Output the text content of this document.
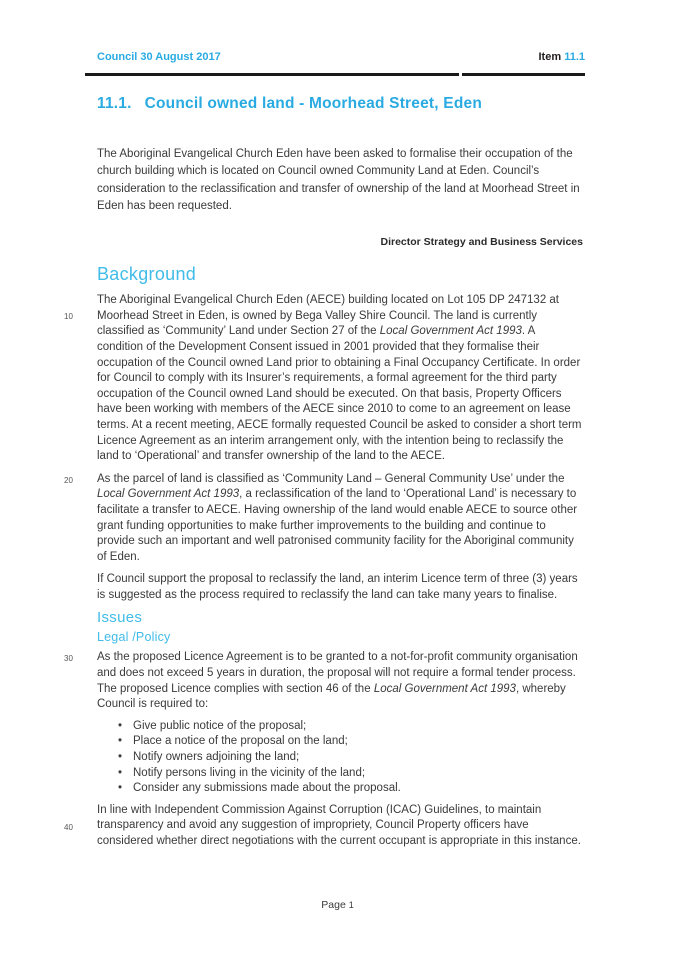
Council 30 August 2017	Item 11.1
11.1. Council owned land - Moorhead Street, Eden

The Aboriginal Evangelical Church Eden have been asked to formalise their occupation of the church building which is located on Council owned Community Land at Eden. Council’s consideration to the reclassification and transfer of ownership of the land at Moorhead Street in Eden has been requested.

Director Strategy and Business Services

Background

10
The Aboriginal Evangelical Church Eden (AECE) building located on Lot 105 DP 247132 at Moorhead Street in Eden, is owned by Bega Valley Shire Council. The land is currently classified as ‘Community’ Land under Section 27 of the Local Government Act 1993. A condition of the Development Consent issued in 2001 provided that they formalise their occupation of the Council owned Land prior to obtaining a Final Occupancy Certificate. In order for Council to comply with its Insurer’s requirements, a formal agreement for the third party occupation of the Council owned Land should be executed. On that basis, Property Officers have been working with members of the AECE since 2010 to come to an agreement on lease terms. At a recent meeting, AECE formally requested Council be asked to consider a short term Licence Agreement as an interim arrangement only, with the intention being to reclassify the land to ‘Operational’ and transfer ownership of the land to the AECE.

20 As the parcel of land is classified as ‘Community Land – General Community Use’ under the Local Government Act 1993, a reclassification of the land to ‘Operational Land’ is necessary to facilitate a transfer to AECE. Having ownership of the land would enable AECE to source other grant funding opportunities to make further improvements to the building and continue to provide such an important and well patronised community facility for the Aboriginal community of Eden.

If Council support the proposal to reclassify the land, an interim Licence term of three (3) years is suggested as the process required to reclassify the land can take many years to finalise.

Issues
Legal /Policy

30 As the proposed Licence Agreement is to be granted to a not-for-profit community organisation and does not exceed 5 years in duration, the proposal will not require a formal tender process. The proposed Licence complies with section 46 of the Local Government Act 1993, whereby Council is required to:

• Give public notice of the proposal;
• Place a notice of the proposal on the land;
• Notify owners adjoining the land;
• Notify persons living in the vicinity of the land;
• Consider any submissions made about the proposal.

40
In line with Independent Commission Against Corruption (ICAC) Guidelines, to maintain transparency and avoid any suggestion of impropriety, Council Property officers have considered whether direct negotiations with the current occupant is appropriate in this instance.

Page 1
